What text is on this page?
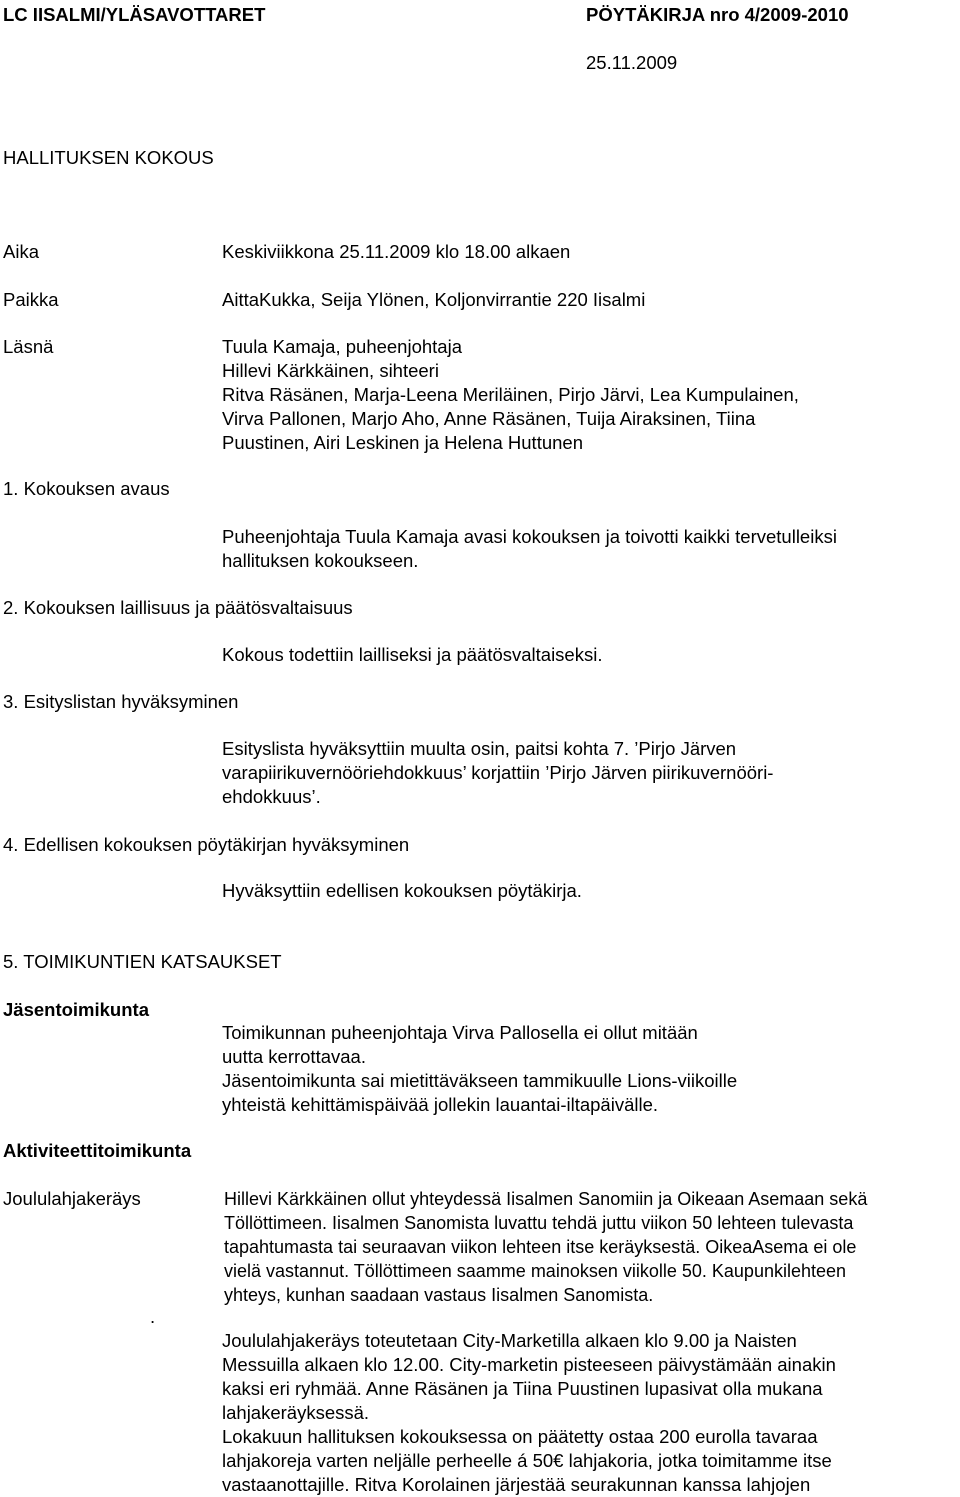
LC IISALMI/YLÄSAVOTTARET	PÖYTÄKIRJA nro 4/2009-2010
25.11.2009
HALLITUKSEN KOKOUS
Aika	Keskiviikkona 25.11.2009 klo 18.00 alkaen
Paikka	AittaKukka, Seija Ylönen, Koljonvirrantie 220 Iisalmi
Läsnä	Tuula Kamaja, puheenjohtaja
Hillevi Kärkkäinen, sihteeri
Ritva Räsänen, Marja-Leena Meriläinen, Pirjo Järvi, Lea Kumpulainen,
Virva Pallonen, Marjo Aho, Anne Räsänen, Tuija Airaksinen, Tiina
Puustinen, Airi Leskinen ja Helena Huttunen
1. Kokouksen avaus
Puheenjohtaja Tuula Kamaja avasi kokouksen ja toivotti kaikki tervetulleiksi
hallituksen kokoukseen.
2. Kokouksen laillisuus ja päätösvaltaisuus
Kokous todettiin lailliseksi ja päätösvaltaiseksi.
3. Esityslistan hyväksyminen
Esityslista hyväksyttiin muulta osin, paitsi kohta 7. ’Pirjo Järven
varapiirikuvernööriehdokkuus’ korjattiin ’Pirjo Järven piirikuvernööri-
ehdokkuus’.
4. Edellisen kokouksen pöytäkirjan hyväksyminen
Hyväksyttiin edellisen kokouksen pöytäkirja.
5. TOIMIKUNTIEN KATSAUKSET
Jäsentoimikunta
Toimikunnan puheenjohtaja Virva Pallosella ei ollut mitään
uutta kerrottavaa.
Jäsentoimikunta sai mietittäväkseen tammikuulle Lions-viikoille
yhteistä kehittämispäivää jollekin lauantai-iltapäivälle.
Aktiviteettitoimikunta
Joululahjakeräys	Hillevi Kärkkäinen ollut yhteydessä Iisalmen Sanomiin ja Oikeaan Asemaan sekä
Töllöttimeen. Iisalmen Sanomista luvattu tehdä juttu viikon 50 lehteen tulevasta
tapahtumasta tai seuraavan viikon lehteen itse keräyksestä. OikeaAsema ei ole
vielä vastannut. Töllöttimeen saamme mainoksen viikolle 50. Kaupunkilehteen
yhteys, kunhan saadaan vastaus Iisalmen Sanomista.
.
Joululahjakeräys toteutetaan City-Marketilla alkaen klo 9.00 ja Naisten
Messuilla alkaen klo 12.00. City-marketin pisteeseen päivystämään ainakin
kaksi eri ryhmää. Anne Räsänen ja Tiina Puustinen lupasivat olla mukana
lahjakeräyksessä.
Lokakuun hallituksen kokouksessa on päätetty ostaa 200 eurolla tavaraa
lahjakoreja varten neljälle perheelle á 50€ lahjakoria, jotka toimitamme itse
vastaanottajille. Ritva Korolainen järjestää seurakunnan kanssa lahjojen
